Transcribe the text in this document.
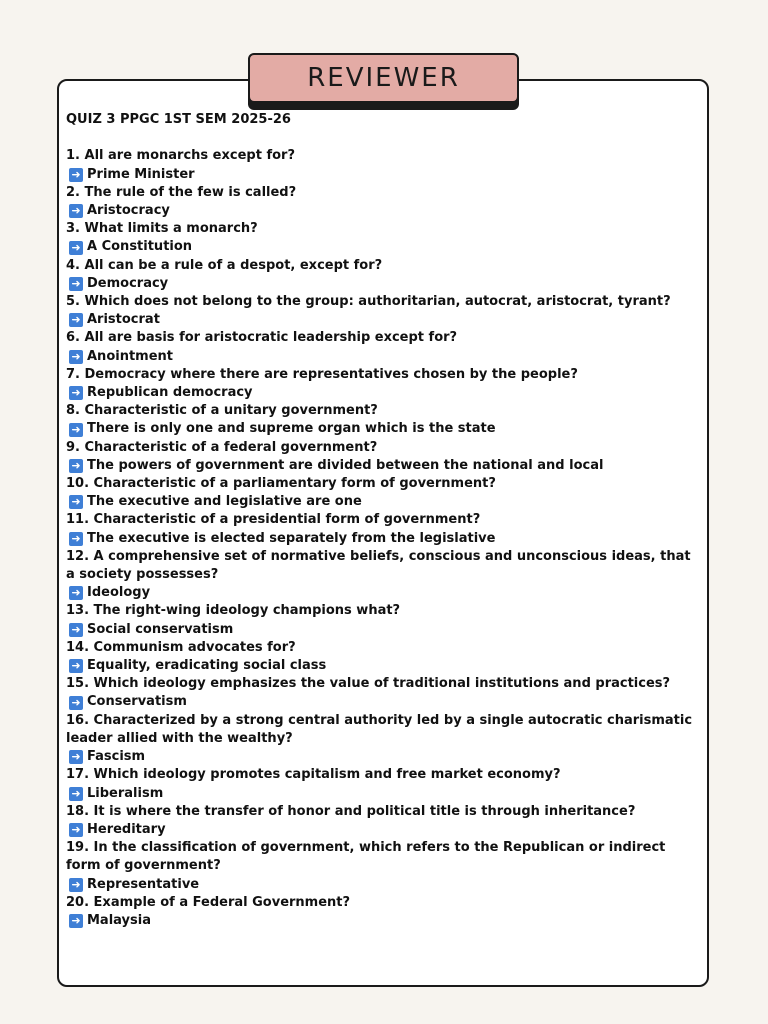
REVIEWER

QUIZ 3 PPGC 1ST SEM 2025-26

1. All are monarchs except for?

➜ Prime Minister

2. The rule of the few is called?

➜ Aristocracy

3. What limits a monarch?

➜ A Constitution

4. All can be a rule of a despot, except for?

➜ Democracy

5. Which does not belong to the group: authoritarian, autocrat, aristocrat, tyrant?

➜ Aristocrat

6. All are basis for aristocratic leadership except for?

➜ Anointment

7. Democracy where there are representatives chosen by the people?

➜ Republican democracy

8. Characteristic of a unitary government?

➜ There is only one and supreme organ which is the state

9. Characteristic of a federal government?

➜ The powers of government are divided between the national and local

10. Characteristic of a parliamentary form of government?

➜ The executive and legislative are one

11. Characteristic of a presidential form of government?

➜ The executive is elected separately from the legislative

12. A comprehensive set of normative beliefs, conscious and unconscious ideas, that a society possesses?

➜ Ideology

13. The right-wing ideology champions what?

➜ Social conservatism

14. Communism advocates for?

➜ Equality, eradicating social class

15. Which ideology emphasizes the value of traditional institutions and practices?

➜ Conservatism

16. Characterized by a strong central authority led by a single autocratic charismatic leader allied with the wealthy?

➜ Fascism

17. Which ideology promotes capitalism and free market economy?

➜ Liberalism

18. It is where the transfer of honor and political title is through inheritance?

➜ Hereditary

19. In the classification of government, which refers to the Republican or indirect form of government?

➜ Representative

20. Example of a Federal Government?

➜ Malaysia
